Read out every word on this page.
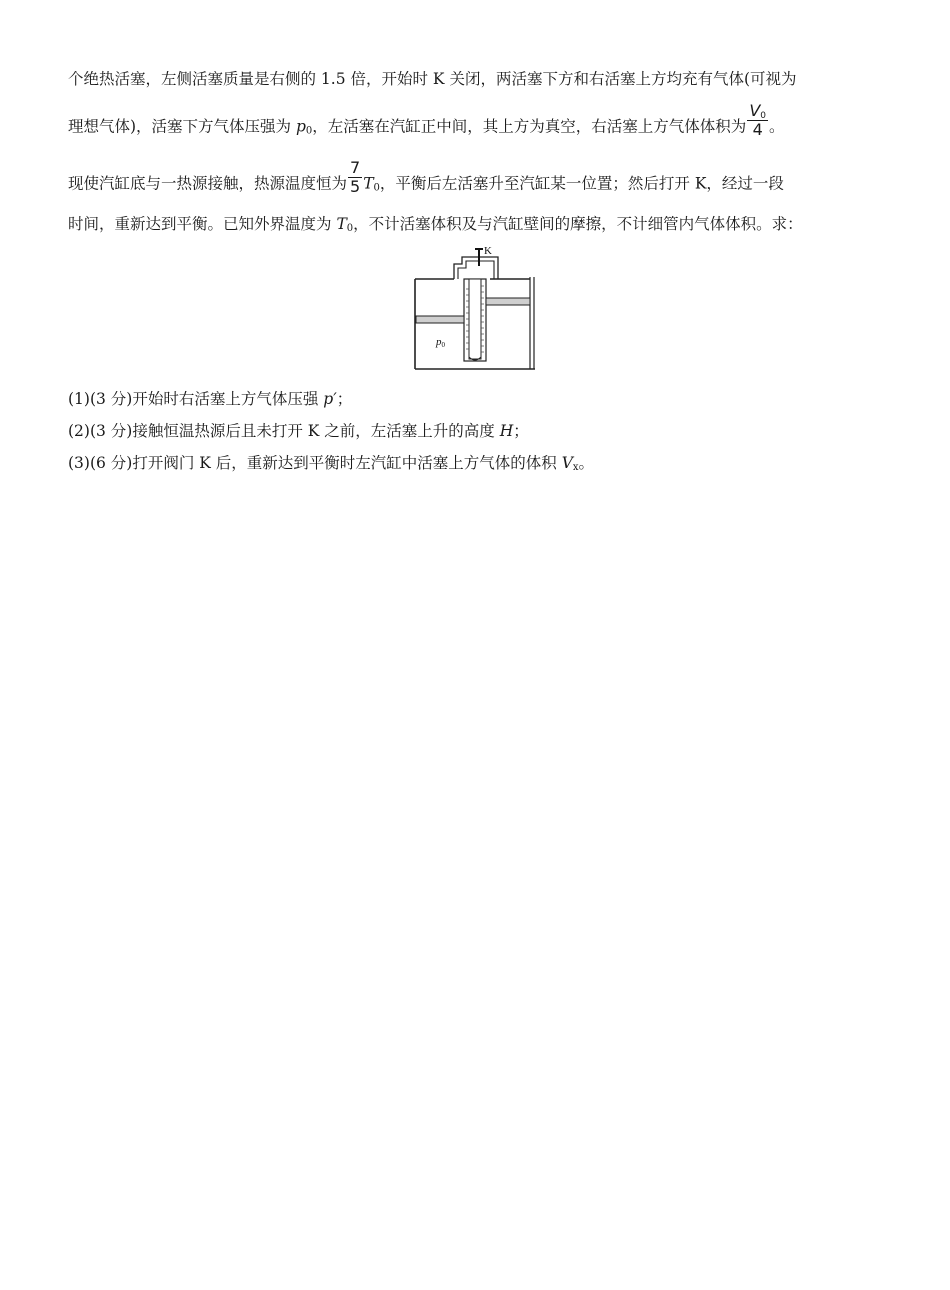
个绝热活塞，左侧活塞质量是右侧的 1.5 倍，开始时 K 关闭，两活塞下方和右活塞上方均充有气体(可视为
理想气体)，活塞下方气体压强为 $p_0$，左活塞在汽缸正中间，其上方为真空，右活塞上方气体体积为 $\frac{V_0}{4}$ 。
现使汽缸底与一热源接触，热源温度恒为 $\frac{7}{5} T_0$，平衡后左活塞升至汽缸某一位置；然后打开 K，经过一段
时间，重新达到平衡。已知外界温度为 $T_0$，不计活塞体积及与汽缸壁间的摩擦，不计细管内气体体积。求：
K
p0
(1)(3 分)开始时右活塞上方气体压强 p′；
(2)(3 分)接触恒温热源后且未打开 K 之前，左活塞上升的高度 H；
(3)(6 分)打开阀门 K 后，重新达到平衡时左汽缸中活塞上方气体的体积 $V_x$。
